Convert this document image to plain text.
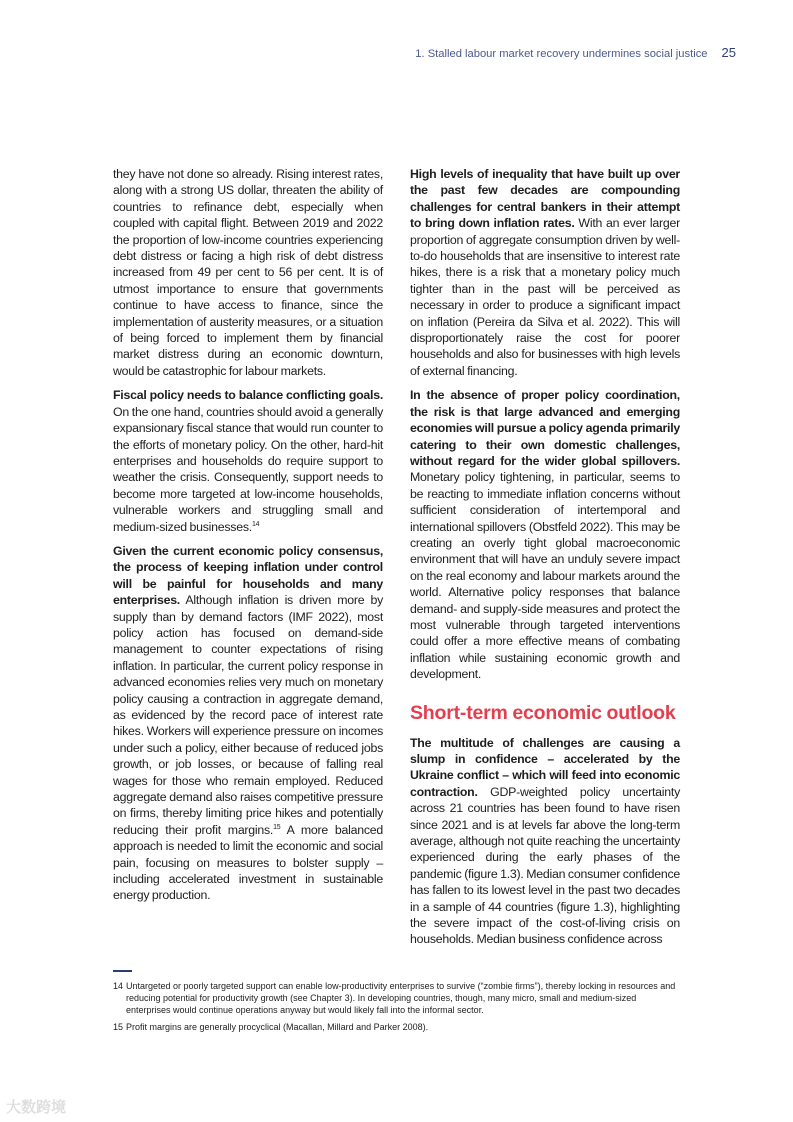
1. Stalled labour market recovery undermines social justice 25

they have not done so already. Rising interest rates, along with a strong US dollar, threaten the ability of countries to refinance debt, especially when coupled with capital flight. Between 2019 and 2022 the proportion of low-income countries experiencing debt distress or facing a high risk of debt distress increased from 49 per cent to 56 per cent. It is of utmost importance to ensure that governments continue to have access to finance, since the implementation of austerity measures, or a situation of being forced to implement them by financial market distress during an economic downturn, would be catastrophic for labour markets.

Fiscal policy needs to balance conflicting goals. On the one hand, countries should avoid a generally expansionary fiscal stance that would run counter to the efforts of monetary policy. On the other, hard-hit enterprises and households do require support to weather the crisis. Consequently, support needs to become more targeted at low-income households, vulnerable workers and struggling small and medium-sized businesses.$^{14}$

Given the current economic policy consensus, the process of keeping inflation under control will be painful for households and many enterprises. Although inflation is driven more by supply than by demand factors (IMF 2022), most policy action has focused on demand-side management to counter expectations of rising inflation. In particular, the current policy response in advanced economies relies very much on monetary policy causing a contraction in aggregate demand, as evidenced by the record pace of interest rate hikes. Workers will experience pressure on incomes under such a policy, either because of reduced jobs growth, or job losses, or because of falling real wages for those who remain employed. Reduced aggregate demand also raises competitive pressure on firms, thereby limiting price hikes and potentially reducing their profit margins.$^{15}$ A more balanced approach is needed to limit the economic and social pain, focusing on measures to bolster supply – including accelerated investment in sustainable energy production.

High levels of inequality that have built up over the past few decades are compounding challenges for central bankers in their attempt to bring down inflation rates. With an ever larger proportion of aggregate consumption driven by well-to-do households that are insensitive to interest rate hikes, there is a risk that a monetary policy much tighter than in the past will be perceived as necessary in order to produce a significant impact on inflation (Pereira da Silva et al. 2022). This will disproportionately raise the cost for poorer households and also for businesses with high levels of external financing.

In the absence of proper policy coordination, the risk is that large advanced and emerging economies will pursue a policy agenda primarily catering to their own domestic challenges, without regard for the wider global spillovers. Monetary policy tightening, in particular, seems to be reacting to immediate inflation concerns without sufficient consideration of intertemporal and international spillovers (Obstfeld 2022). This may be creating an overly tight global macroeconomic environment that will have an unduly severe impact on the real economy and labour markets around the world. Alternative policy responses that balance demand- and supply-side measures and protect the most vulnerable through targeted interventions could offer a more effective means of combating inflation while sustaining economic growth and development.

Short-term economic outlook

The multitude of challenges are causing a slump in confidence – accelerated by the Ukraine conflict – which will feed into economic contraction. GDP-weighted policy uncertainty across 21 countries has been found to have risen since 2021 and is at levels far above the long-term average, although not quite reaching the uncertainty experienced during the early phases of the pandemic (figure 1.3). Median consumer confidence has fallen to its lowest level in the past two decades in a sample of 44 countries (figure 1.3), highlighting the severe impact of the cost-of-living crisis on households. Median business confidence across

14 Untargeted or poorly targeted support can enable low-productivity enterprises to survive (“zombie firms”), thereby locking in resources and reducing potential for productivity growth (see Chapter 3). In developing countries, though, many micro, small and medium-sized enterprises would continue operations anyway but would likely fall into the informal sector.
15 Profit margins are generally procyclical (Macallan, Millard and Parker 2008).
大数跨境
